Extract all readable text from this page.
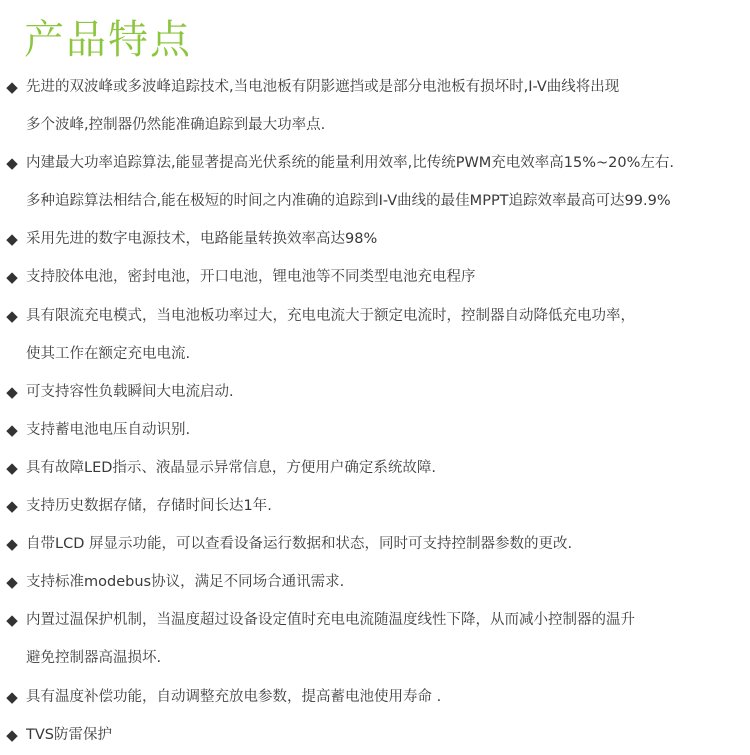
产品特点
◆ 先进的双波峰或多波峰追踪技术,当电池板有阴影遮挡或是部分电池板有损坏时,I-V曲线将出现
多个波峰,控制器仍然能准确追踪到最大功率点.
◆ 内建最大功率追踪算法,能显著提高光伏系统的能量利用效率,比传统PWM充电效率高15%~20%左右.
多种追踪算法相结合,能在极短的时间之内准确的追踪到I-V曲线的最佳MPPT追踪效率最高可达99.9%
◆ 采用先进的数字电源技术，电路能量转换效率高达98%
◆ 支持胶体电池，密封电池，开口电池，锂电池等不同类型电池充电程序
◆ 具有限流充电模式，当电池板功率过大，充电电流大于额定电流时，控制器自动降低充电功率，
使其工作在额定充电电流.
◆ 可支持容性负载瞬间大电流启动.
◆ 支持蓄电池电压自动识别.
◆ 具有故障LED指示、液晶显示异常信息，方便用户确定系统故障.
◆ 支持历史数据存储，存储时间长达1年.
◆ 自带LCD 屏显示功能，可以查看设备运行数据和状态，同时可支持控制器参数的更改.
◆ 支持标准modebus协议，满足不同场合通讯需求.
◆ 内置过温保护机制，当温度超过设备设定值时充电电流随温度线性下降，从而减小控制器的温升
避免控制器高温损坏.
◆ 具有温度补偿功能，自动调整充放电参数，提高蓄电池使用寿命 .
◆ TVS防雷保护
